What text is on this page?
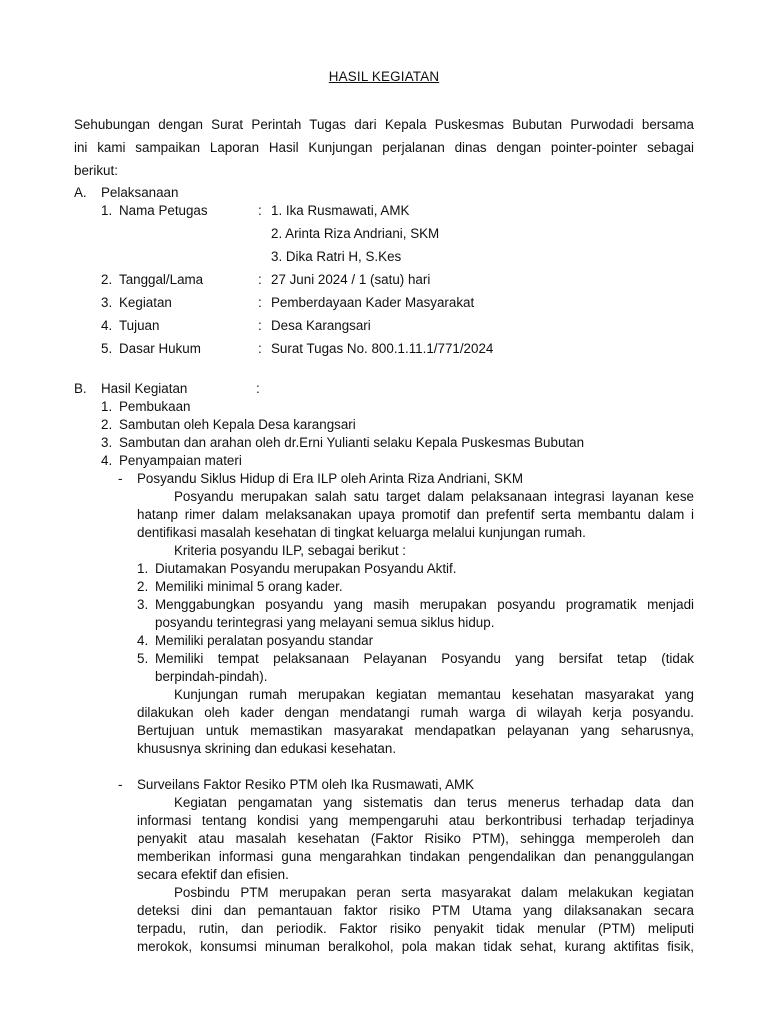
HASIL KEGIATAN
Sehubungan dengan Surat Perintah Tugas dari Kepala Puskesmas Bubutan Purwodadi bersama
ini kami sampaikan Laporan Hasil Kunjungan perjalanan dinas dengan pointer-pointer sebagai
berikut:
A. Pelaksanaan
1. Nama Petugas	: 1. Ika Rusmawati, AMK
2. Arinta Riza Andriani, SKM
3. Dika Ratri H, S.Kes
2. Tanggal/Lama	: 27 Juni 2024 / 1 (satu) hari
3. Kegiatan	: Pemberdayaan Kader Masyarakat
4. Tujuan	: Desa Karangsari
5. Dasar Hukum	: Surat Tugas No. 800.1.11.1/771/2024
B. Hasil Kegiatan	:
1. Pembukaan
2. Sambutan oleh Kepala Desa karangsari
3. Sambutan dan arahan oleh dr.Erni Yulianti selaku Kepala Puskesmas Bubutan
4. Penyampaian materi
- Posyandu Siklus Hidup di Era ILP oleh Arinta Riza Andriani, SKM
Posyandu merupakan salah satu target dalam pelaksanaan integrasi layanan kese
hatanp rimer dalam melaksanakan upaya promotif dan prefentif serta membantu dalam i
dentifikasi masalah kesehatan di tingkat keluarga melalui kunjungan rumah.
Kriteria posyandu ILP, sebagai berikut :
1. Diutamakan Posyandu merupakan Posyandu Aktif.
2. Memiliki minimal 5 orang kader.
3. Menggabungkan posyandu yang masih merupakan posyandu programatik menjadi
posyandu terintegrasi yang melayani semua siklus hidup.
4. Memiliki peralatan posyandu standar
5. Memiliki tempat pelaksanaan Pelayanan Posyandu yang bersifat tetap (tidak
berpindah-pindah).
Kunjungan rumah merupakan kegiatan memantau kesehatan masyarakat yang
dilakukan oleh kader dengan mendatangi rumah warga di wilayah kerja posyandu.
Bertujuan untuk memastikan masyarakat mendapatkan pelayanan yang seharusnya,
khususnya skrining dan edukasi kesehatan.
- Surveilans Faktor Resiko PTM oleh Ika Rusmawati, AMK
Kegiatan pengamatan yang sistematis dan terus menerus terhadap data dan
informasi tentang kondisi yang mempengaruhi atau berkontribusi terhadap terjadinya
penyakit atau masalah kesehatan (Faktor Risiko PTM), sehingga memperoleh dan
memberikan informasi guna mengarahkan tindakan pengendalikan dan penanggulangan
secara efektif dan efisien.
Posbindu PTM merupakan peran serta masyarakat dalam melakukan kegiatan
deteksi dini dan pemantauan faktor risiko PTM Utama yang dilaksanakan secara
terpadu, rutin, dan periodik. Faktor risiko penyakit tidak menular (PTM) meliputi
merokok, konsumsi minuman beralkohol, pola makan tidak sehat, kurang aktifitas fisik,
